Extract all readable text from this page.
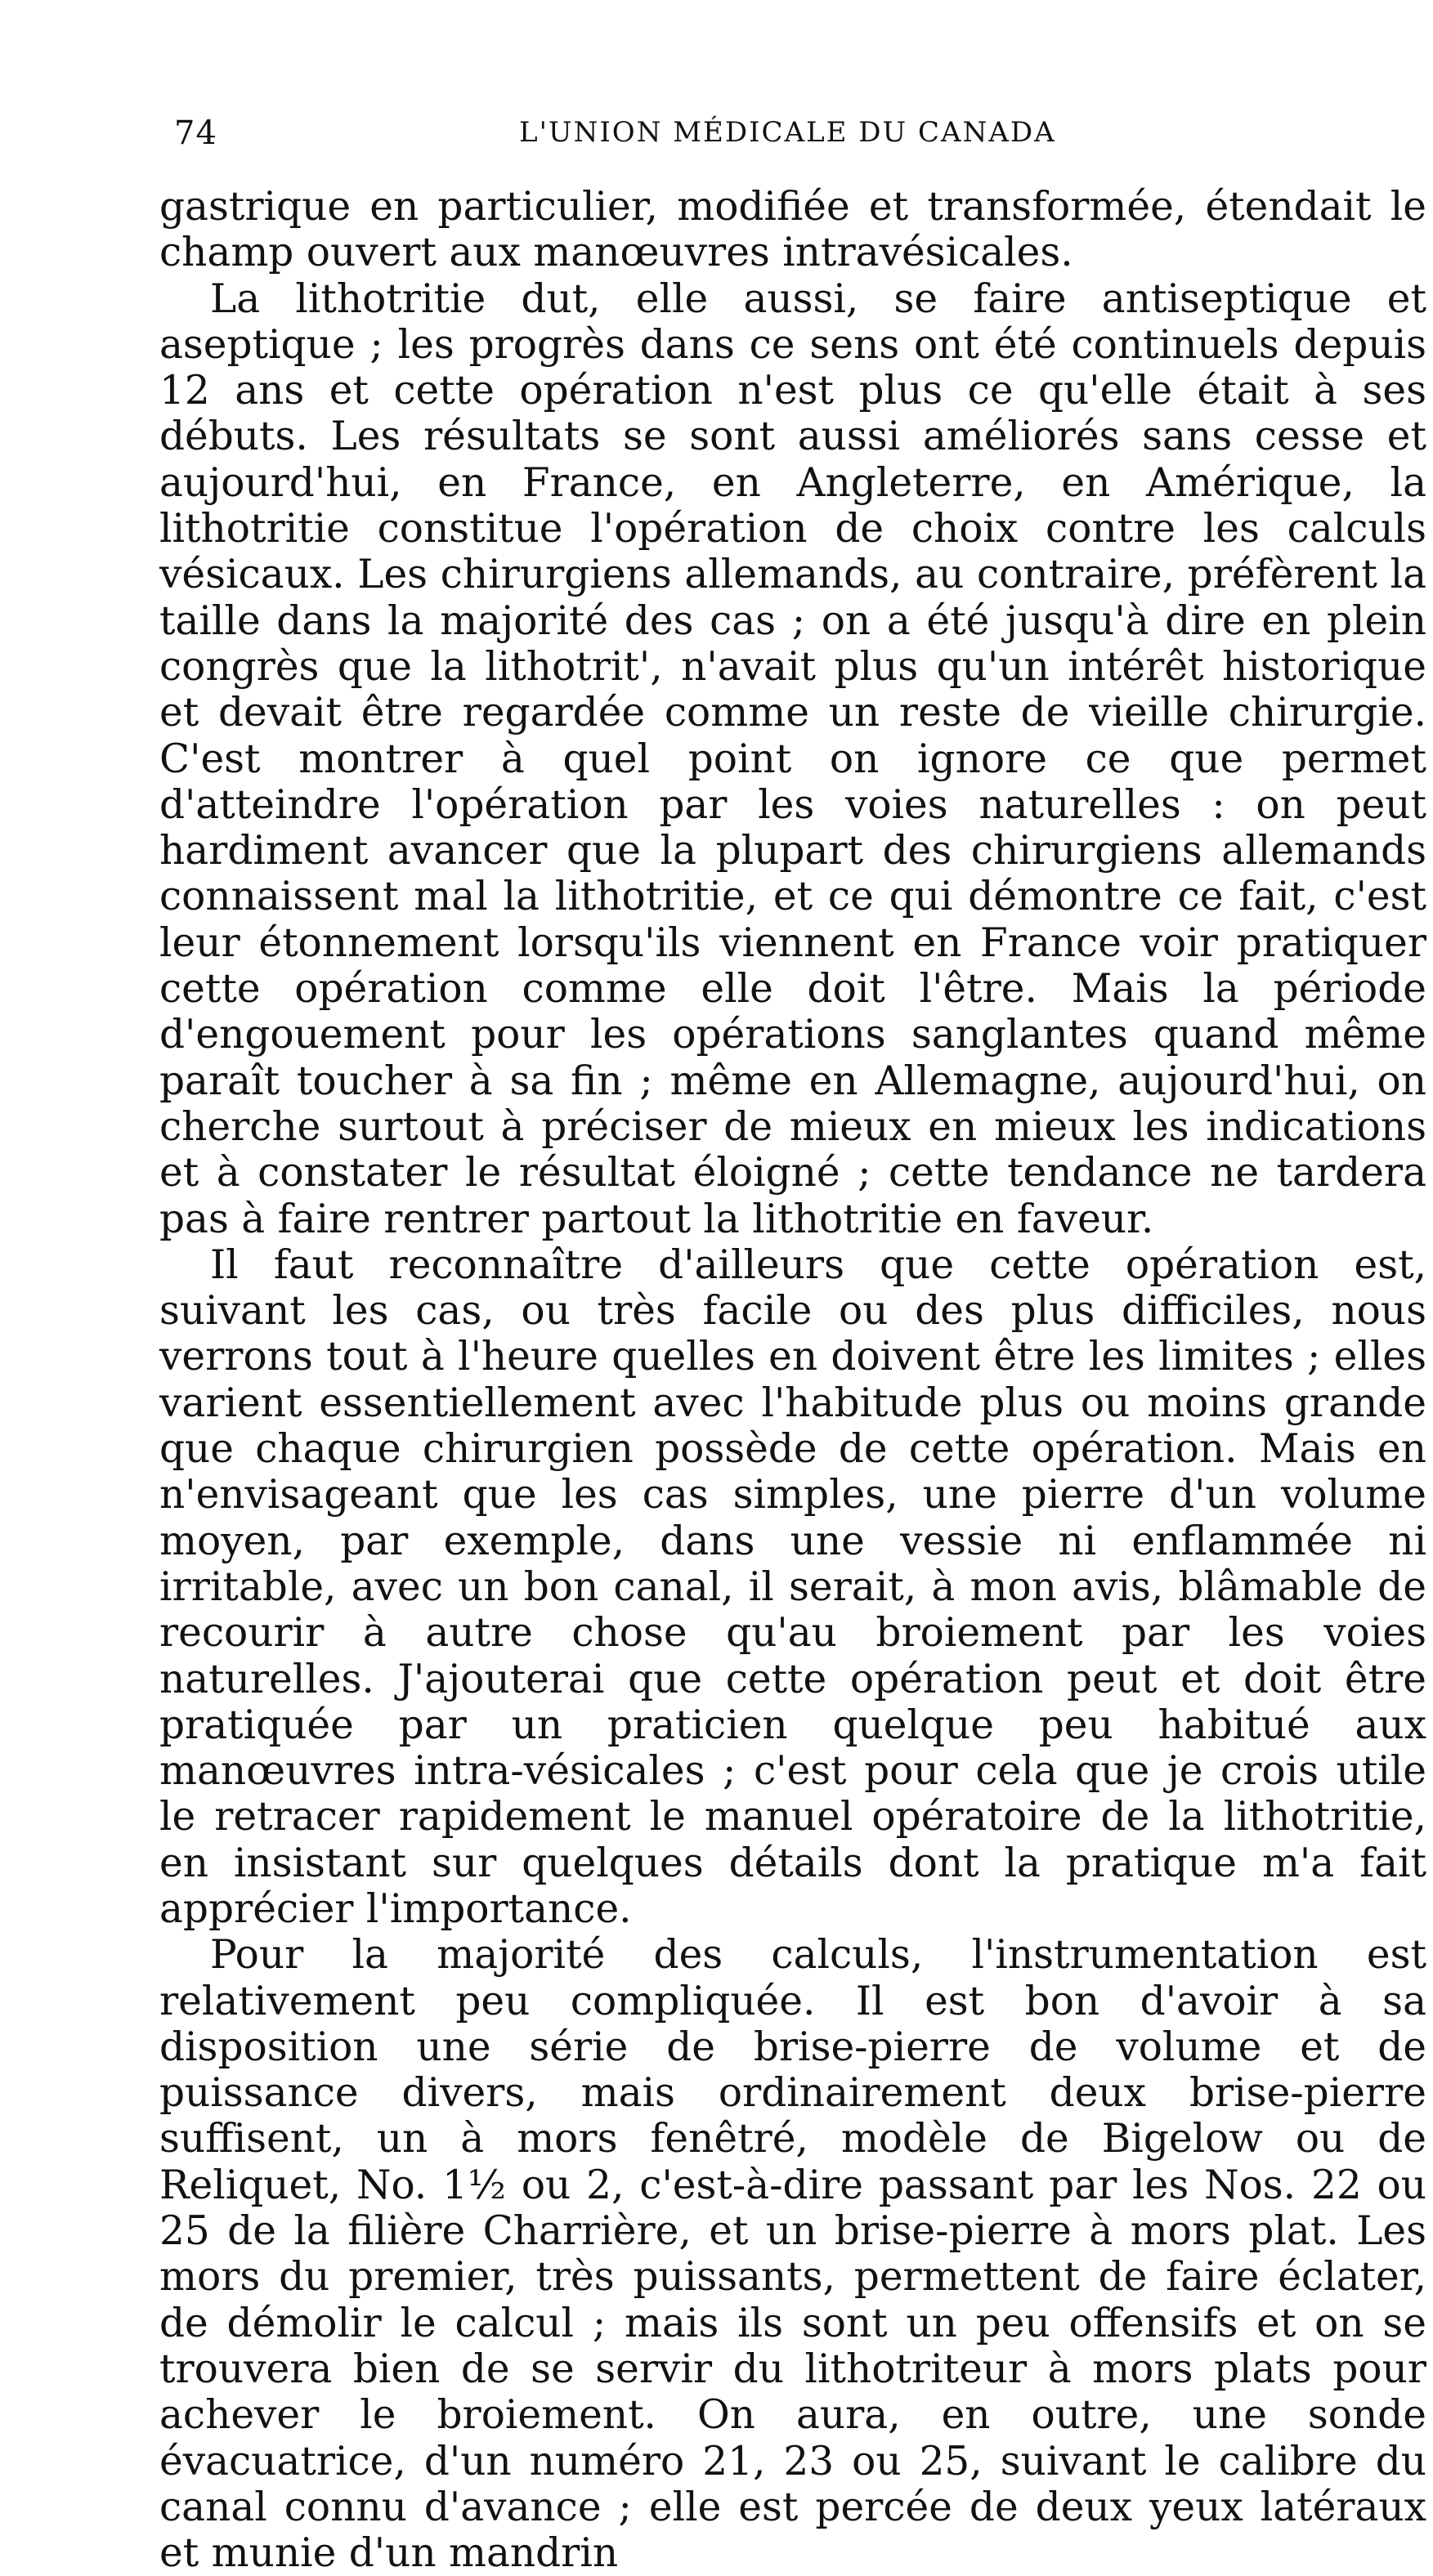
74	L'UNION MÉDICALE DU CANADA

gastrique en particulier, modifiée et transformée, étendait le champ ouvert aux manœuvres intravésicales.

La lithotritie dut, elle aussi, se faire antiseptique et aseptique ; les progrès dans ce sens ont été continuels depuis 12 ans et cette opération n'est plus ce qu'elle était à ses débuts. Les résultats se sont aussi améliorés sans cesse et aujourd'hui, en France, en Angleterre, en Amérique, la lithotritie constitue l'opération de choix contre les calculs vésicaux. Les chirurgiens allemands, au contraire, préfèrent la taille dans la majorité des cas ; on a été jusqu'à dire en plein congrès que la lithotrit', n'avait plus qu'un intérêt historique et devait être regardée comme un reste de vieille chirurgie. C'est montrer à quel point on ignore ce que permet d'atteindre l'opération par les voies naturelles : on peut hardiment avancer que la plupart des chirurgiens allemands connaissent mal la lithotritie, et ce qui démontre ce fait, c'est leur étonnement lorsqu'ils viennent en France voir pratiquer cette opération comme elle doit l'être. Mais la période d'engouement pour les opérations sanglantes quand même paraît toucher à sa fin ; même en Allemagne, aujourd'hui, on cherche surtout à préciser de mieux en mieux les indications et à constater le résultat éloigné ; cette tendance ne tardera pas à faire rentrer partout la lithotritie en faveur.

Il faut reconnaître d'ailleurs que cette opération est, suivant les cas, ou très facile ou des plus difficiles, nous verrons tout à l'heure quelles en doivent être les limites ; elles varient essentiellement avec l'habitude plus ou moins grande que chaque chirurgien possède de cette opération. Mais en n'envisageant que les cas simples, une pierre d'un volume moyen, par exemple, dans une vessie ni enflammée ni irritable, avec un bon canal, il serait, à mon avis, blâmable de recourir à autre chose qu'au broiement par les voies naturelles. J'ajouterai que cette opération peut et doit être pratiquée par un praticien quelque peu habitué aux manœuvres intra-vésicales ; c'est pour cela que je crois utile le retracer rapidement le manuel opératoire de la lithotritie, en insistant sur quelques détails dont la pratique m'a fait apprécier l'importance.

Pour la majorité des calculs, l'instrumentation est relativement peu compliquée. Il est bon d'avoir à sa disposition une série de brise-pierre de volume et de puissance divers, mais ordinairement deux brise-pierre suffisent, un à mors fenêtré, modèle de Bigelow ou de Reliquet, No. 1½ ou 2, c'est-à-dire passant par les Nos. 22 ou 25 de la filière Charrière, et un brise-pierre à mors plat. Les mors du premier, très puissants, permettent de faire éclater, de démolir le calcul ; mais ils sont un peu offensifs et on se trouvera bien de se servir du lithotriteur à mors plats pour achever le broiement. On aura, en outre, une sonde évacuatrice, d'un numéro 21, 23 ou 25, suivant le calibre du canal connu d'avance ; elle est percée de deux yeux latéraux et munie d'un mandrin
